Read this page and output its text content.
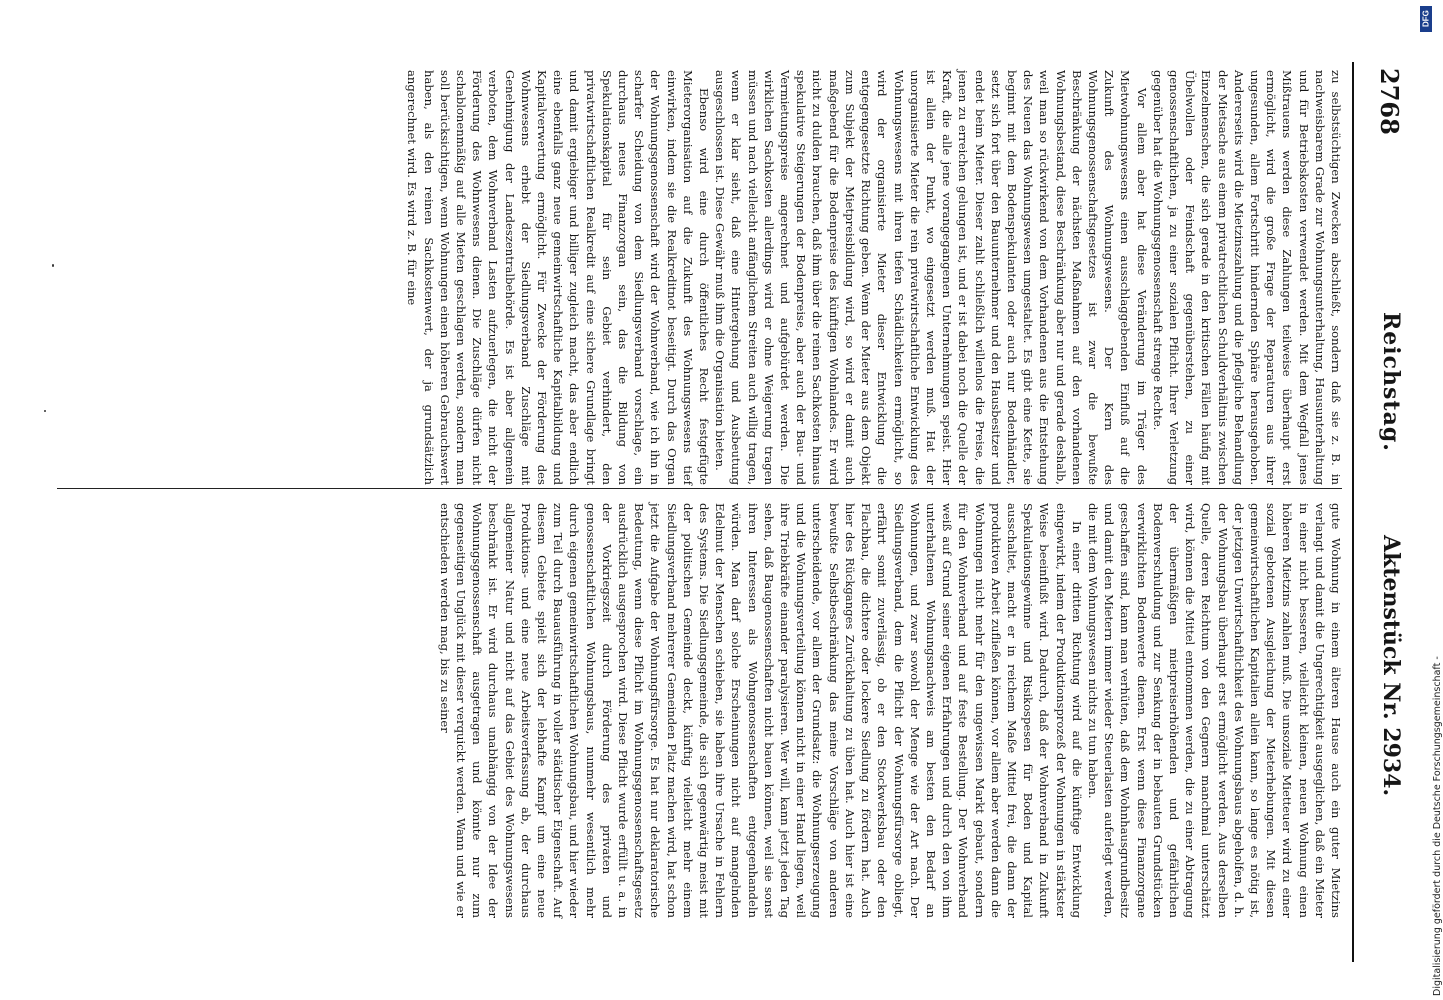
2768
Reichstag.
Aktenstück Nr. 2934.

zu selbstsüchtigen Zwecken abschließt, sondern daß sie z. B. in nachweisbarem Grade zur Wohnungsunterhaltung, Hausunterhaltung und für Betriebskosten verwendet werden. Mit dem Wegfall jenes Mißtrauens werden diese Zahlungen teilweise überhaupt erst ermöglicht, wird die große Frage der Reparaturen aus ihrer ungesunden, allem Fortschritt hindernden Sphäre herausgehoben. Andererseits wird die Mietzinszahlung und die pflegliche Behandlung der Mietsache aus einem privatrechtlichen Schuldverhältnis zwischen Einzelmenschen, die sich gerade in den kritischen Fällen häufig mit Übelwollen oder Feindschaft gegenüberstehen, zu einer genossenschaftlichen, ja zu einer sozialen Pflicht. Ihrer Verletzung gegenüber hat die Wohnungsgenossenschaft strenge Rechte.

Vor allem aber hat diese Veränderung im Träger des Mietwohnungswesens einen ausschlaggebenden Einfluß auf die Zukunft des Wohnungswesens. Der Kern des Wohnungsgenossenschaftsgesetzes ist zwar die bewußte Beschränkung der nächsten Maßnahmen auf den vorhandenen Wohnungsbestand, diese Beschränkung aber nur und gerade deshalb, weil man so rückwirkend von dem Vorhandenen aus die Entstehung des Neuen das Wohnungswesen umgestaltet. Es gibt eine Kette, sie beginnt mit dem Bodenspekulanten oder auch nur Bodenhändler, setzt sich fort über den Bauunternehmer und den Hausbesitzer und endet beim Mieter. Dieser zahlt schließlich willenlos die Preise, die jenen zu erreichen gelungen ist, und er ist dabei noch die Quelle der Kraft, die alle jene vorangegangenen Unternehmungen speist. Hier ist allein der Punkt, wo eingesetzt werden muß. Hat der unorganisierte Mieter die rein privatwirtschaftliche Entwicklung des Wohnungswesens mit ihren tiefen Schädlichkeiten ermöglicht, so wird der organisierte Mieter dieser Entwicklung die entgegengesetzte Richtung geben. Wenn der Mieter aus dem Objekt zum Subjekt der Mietpreisbildung wird, so wird er damit auch maßgebend für die Bodenpreise des künftigen Wohnlandes. Er wird nicht zu dulden brauchen, daß ihm über die reinen Sachkosten hinaus spekulative Steigerungen der Bodenpreise, aber auch der Bau- und Vermietungspreise angerechnet und aufgebürdet werden. Die wirklichen Sachkosten allerdings wird er ohne Weigerung tragen müssen und nach vielleicht anfänglichem Streiten auch willig tragen, wenn er klar sieht, daß eine Hintergehung und Ausbeutung ausgeschlossen ist. Diese Gewähr muß ihm die Organisation bieten.

Ebenso wird eine durch öffentliches Recht festgefügte Mieterorganisation auf die Zukunft des Wohnungswesens tief einwirken, indem sie die Realkreditnot beseitigt. Durch das Organ der Wohnungsgenossenschaft wird der Wohnverband, wie ich ihn in scharfer Scheidung von dem Siedlungsverband vorschlage, ein durchaus neues Finanzorgan sein, das die Bildung von Spekulationskapital für sein Gebiet verhindert, den privatwirtschaftlichen Realkredit auf eine sichere Grundlage bringt und damit ergiebiger und billiger zugleich macht, das aber endlich eine ebenfalls ganz neue gemeinwirtschaftliche Kapitalbildung und Kapitalverwertung ermöglicht. Für Zwecke der Förderung des Wohnwesens erhebt der Siedlungsverband Zuschläge mit Genehmigung der Landeszentralbehörde. Es ist aber allgemein verboten, dem Wohnverband Lasten aufzuerlegen, die nicht der Förderung des Wohnwesens dienen. Die Zuschläge dürfen nicht schablonenmäßig auf alle Mieten geschlagen werden, sondern man soll berücksichtigen, wenn Wohnungen einen höheren Gebrauchswert haben, als den reinen Sachkostenwert, der ja grundsätzlich angerechnet wird. Es wird z. B. für eine

gute Wohnung in einem älteren Hause auch ein guter Mietzins verlangt und damit die Ungerechtigkeit ausgeglichen, daß ein Mieter in einer nicht besseren, vielleicht kleinen, neuen Wohnung einen höheren Mietzins zahlen muß. Die unsoziale Mietteuer wird zu einer sozial gebotenen Ausgleichung der Mieterhebungen. Mit diesen gemeinwirtschaftlichen Kapitalien allein kann, so lange es nötig ist, der jetzigen Unwirtschaftlichkeit des Wohnungsbaus abgeholfen, d. h. der Wohnungsbau überhaupt erst ermöglicht werden. Aus derselben Quelle, deren Reichtum von den Gegnern manchmal unterschätzt wird, können die Mittel entnommen werden, die zu einer Abtragung der übermäßigen mietpreiserhöhenden und gefährlichen Bodenverschuldung und zur Senkung der in bebauten Grundstücken verwirklichten Bodenwerte dienen. Erst wenn diese Finanzorgane geschaffen sind, kann man verhüten, daß dem Wohnhausgrundbesitz und damit den Mietern immer wieder Steuerlasten auferlegt werden, die mit dem Wohnungswesen nichts zu tun haben.

In einer dritten Richtung wird auf die künftige Entwicklung eingewirkt, indem der Produktionsprozeß der Wohnungen in stärkster Weise beeinflußt wird. Dadurch, daß der Wohnverband in Zukunft Spekulationsgewinne und Risikospesen für Boden und Kapital ausschaltet, macht er in reichem Maße Mittel frei, die dann der produktiven Arbeit zufließen können, vor allem aber werden dann die Wohnungen nicht mehr für den ungewissen Markt gebaut, sondern für den Wohnverband und auf feste Bestellung. Der Wohnverband weiß auf Grund seiner eigenen Erfahrungen und durch den von ihm unterhaltenen Wohnungsnachweis am besten den Bedarf an Wohnungen, und zwar sowohl der Menge wie der Art nach. Der Siedlungsverband, dem die Pflicht der Wohnungsfürsorge obliegt, erfährt somit zuverlässig, ob er den Stockwerksbau oder den Flachbau, die dichtere oder lockere Siedlung zu fördern hat. Auch hier des Rückganges Zurückhaltung zu üben hat. Auch hier ist eine bewußte Selbstbeschränkung das meine Vorschläge von anderen unterscheidende, vor allem der Grundsatz: die Wohnungserzeugung und die Wohnungsverteilung können nicht in einer Hand liegen, weil ihre Triebkräfte einander paralysieren. Wer will, kann jetzt jeden Tag sehen, daß Baugenossenschaften nicht bauen können, weil sie sonst ihren Interessen als Wohngenossenschaften entgegenhandeln würden. Man darf solche Erscheinungen nicht auf mangelnden Edelmut der Menschen schieben, sie haben ihre Ursache in Fehlern des Systems. Die Siedlungsgemeinde, die sich gegenwärtig meist mit der politischen Gemeinde deckt, künftig vielleicht mehr einem Siedlungsverband mehrerer Gemeinden Platz machen wird, hat schon jetzt die Aufgabe der Wohnungsfürsorge. Es hat nur deklaratorische Bedeutung, wenn diese Pflicht im Wohnungsgenossenschaftsgesetz ausdrücklich ausgesprochen wird. Diese Pflicht wurde erfüllt u. a. in der Vorkriegszeit durch Förderung des privaten und genossenschaftlichen Wohnungsbaus, nunmehr wesentlich mehr durch eigenen gemeinwirtschaftlichen Wohnungsbau, und hier wieder zum Teil durch Bauausführung in voller städtischer Eigenschaft. Auf diesem Gebiete spielt sich der lebhafte Kampf um eine neue Produktions- und eine neue Arbeitsverfassung ab, der durchaus allgemeiner Natur und nicht auf das Gebiet des Wohnungswesens beschränkt ist. Er wird durchaus unabhängig von der Idee der Wohnungsgenossenschaft ausgetragen und könnte nur zum gegenseitigen Unglück mit dieser verquickt werden. Wann und wie er entschieden werden mag, bis zu seiner

DFG
Digitalisierung gefördert durch die Deutsche Forschungsgemeinschaft -
